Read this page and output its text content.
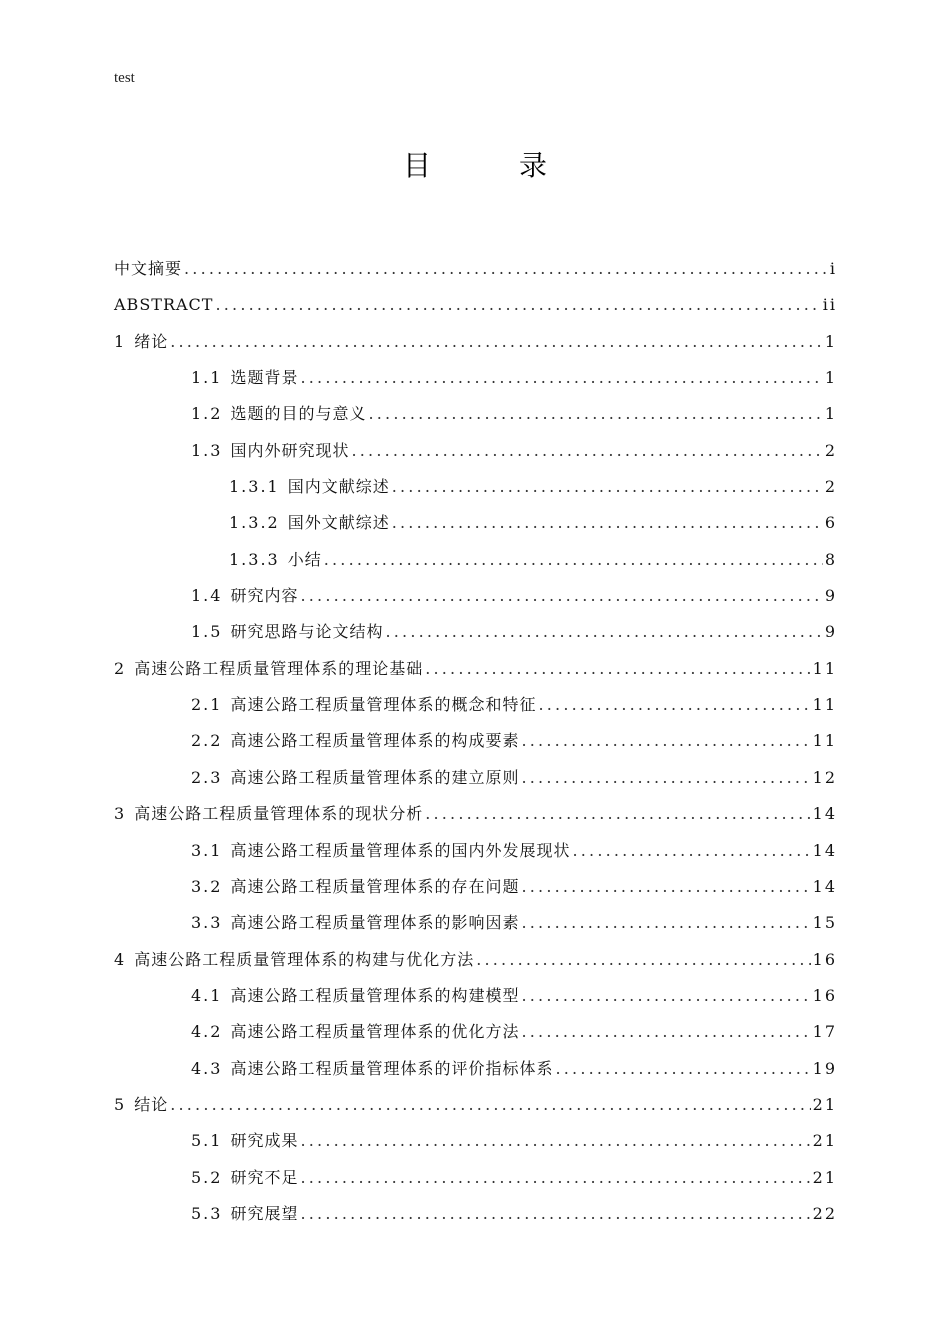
test
目　录
中文摘要 .....	i
ABSTRACT .....	ii
1 绪论 .....	1
1.1 选题背景 .....	1
1.2 选题的目的与意义 .....	1
1.3 国内外研究现状 .....	2
1.3.1 国内文献综述 .....	2
1.3.2 国外文献综述 .....	6
1.3.3 小结 .....	8
1.4 研究内容 .....	9
1.5 研究思路与论文结构 .....	9
2 高速公路工程质量管理体系的理论基础 .....	11
2.1 高速公路工程质量管理体系的概念和特征 .....	11
2.2 高速公路工程质量管理体系的构成要素 .....	11
2.3 高速公路工程质量管理体系的建立原则 .....	12
3 高速公路工程质量管理体系的现状分析 .....	14
3.1 高速公路工程质量管理体系的国内外发展现状 .....	14
3.2 高速公路工程质量管理体系的存在问题 .....	14
3.3 高速公路工程质量管理体系的影响因素 .....	15
4 高速公路工程质量管理体系的构建与优化方法 .....	16
4.1 高速公路工程质量管理体系的构建模型 .....	16
4.2 高速公路工程质量管理体系的优化方法 .....	17
4.3 高速公路工程质量管理体系的评价指标体系 .....	19
5 结论 .....	21
5.1 研究成果 .....	21
5.2 研究不足 .....	21
5.3 研究展望 .....	22
